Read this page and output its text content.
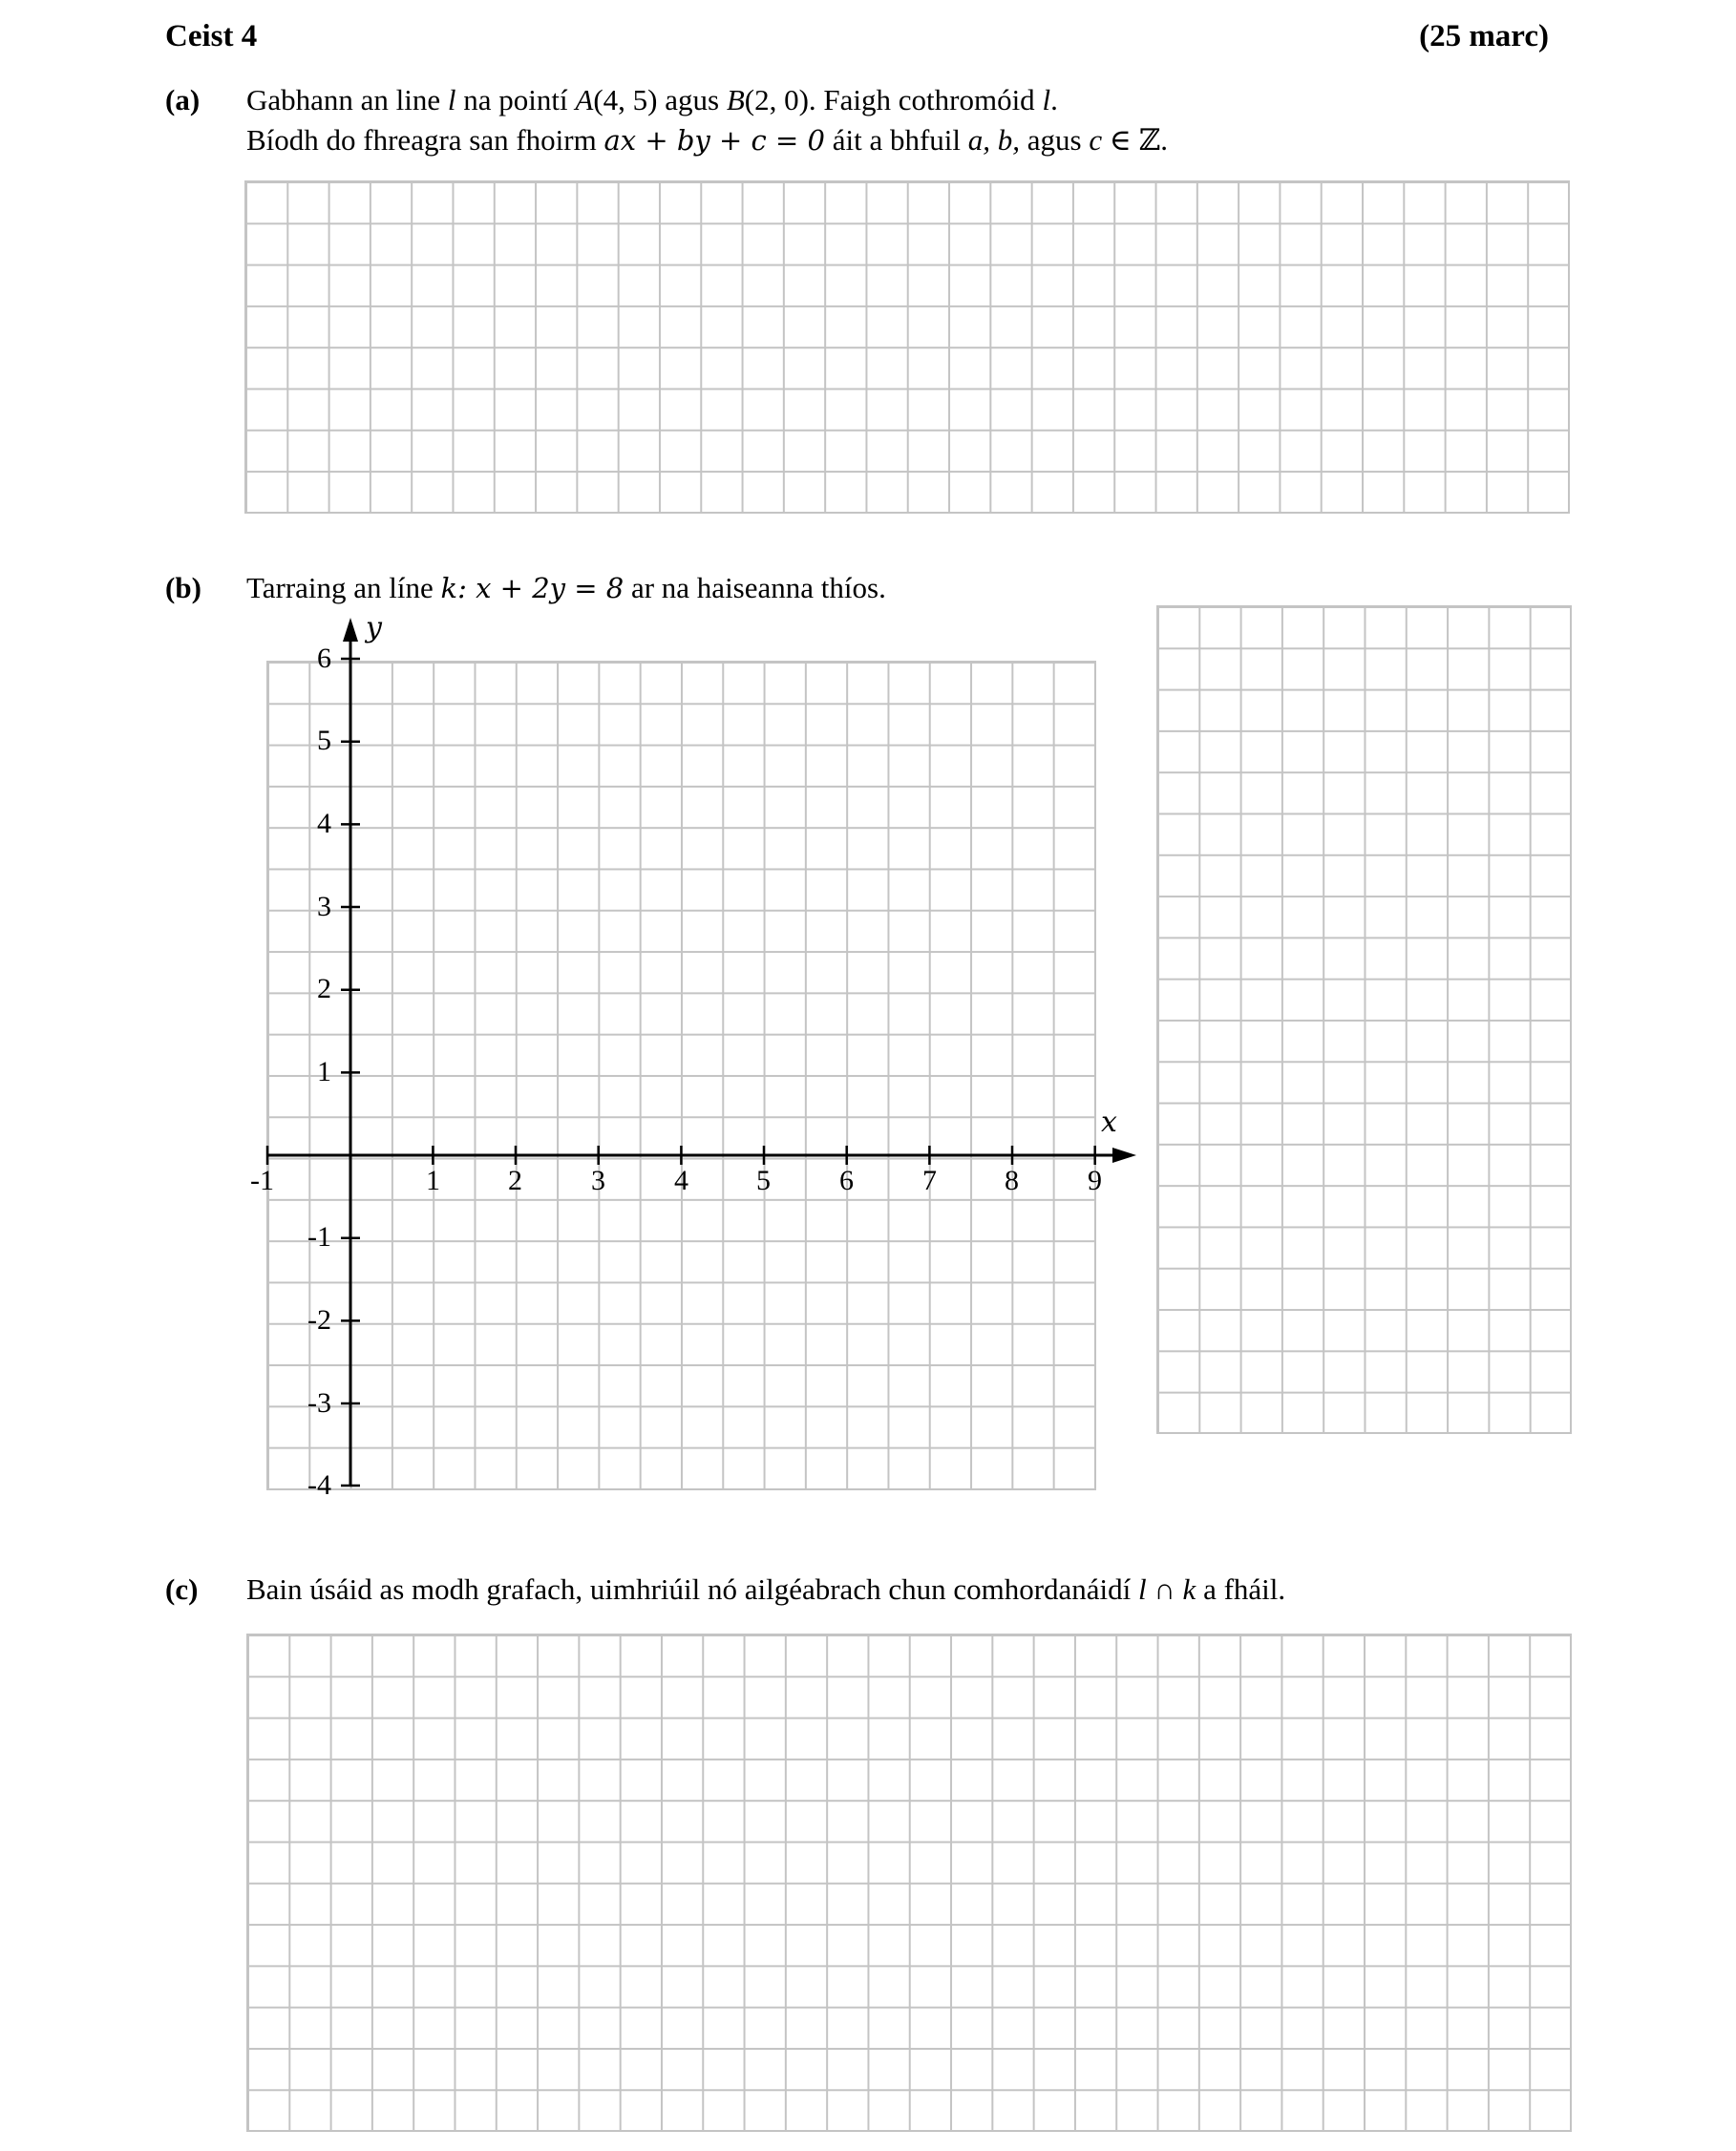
Ceist 4	(25 marc)
(a) Gabhann an line l na pointí A(4, 5) agus B(2, 0). Faigh cothromóid l.
Bíodh do fhreagra san fhoirm ax + by + c = 0 áit a bhfuil a, b, agus c ∈ ℤ.
(b) Tarraing an líne k: x + 2y = 8 ar na haiseanna thíos.
y
x
-1	1 2 3 4 5 6 7 8 9
6
5
4
3
2
1
-1
-2
-3
-4
(c) Bain úsáid as modh grafach, uimhriúil nó ailgéabrach chun comhordanáidí l ∩ k a fháil.
